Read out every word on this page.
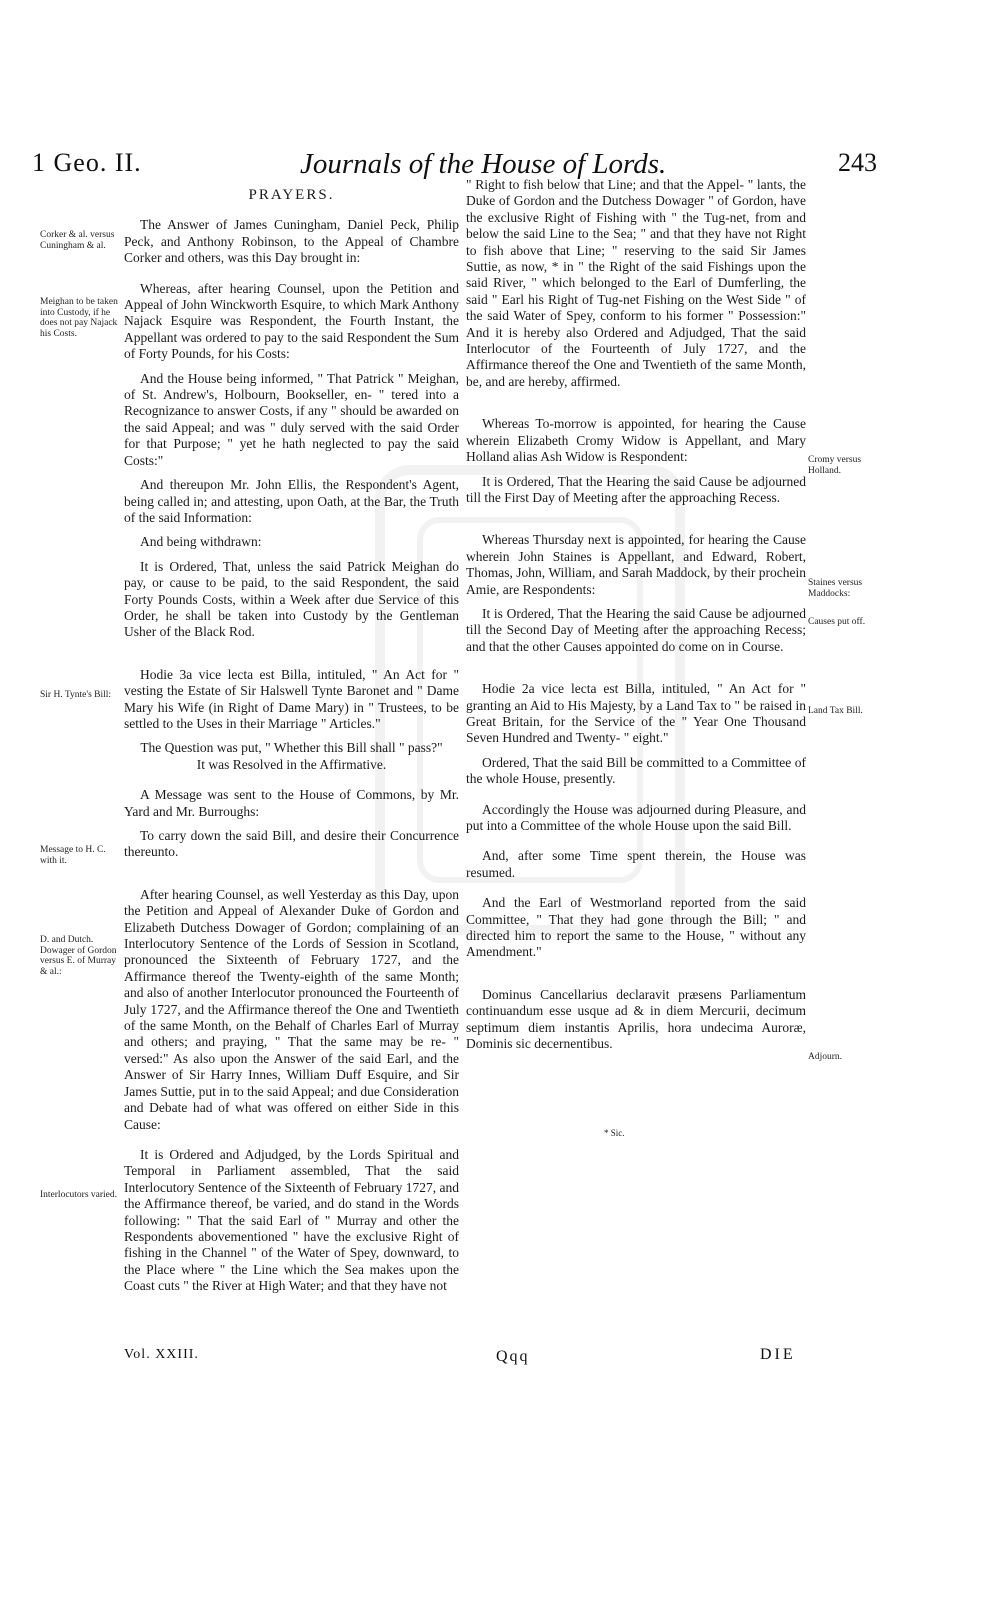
1 Geo. II.	Journals of the House of Lords.	243
PRAYERS.

The Answer of James Cuningham, Daniel Peck, Philip Peck, and Anthony Robinson, to the Appeal of Chambre Corker and others, was this Day brought in:

Whereas, after hearing Counsel, upon the Petition and Appeal of John Winckworth Esquire, to which Mark Anthony Najack Esquire was Respondent, the Fourth Instant, the Appellant was ordered to pay to the said Respondent the Sum of Forty Pounds, for his Costs:

And the House being informed, " That Patrick " Meighan, of St. Andrew's, Holbourn, Bookseller, en- " tered into a Recognizance to answer Costs, if any " should be awarded on the said Appeal; and was " duly served with the said Order for that Purpose; " yet he hath neglected to pay the said Costs:"

And thereupon Mr. John Ellis, the Respondent's Agent, being called in; and attesting, upon Oath, at the Bar, the Truth of the said Information:

And being withdrawn:

It is Ordered, That, unless the said Patrick Meighan do pay, or cause to be paid, to the said Respondent, the said Forty Pounds Costs, within a Week after due Service of this Order, he shall be taken into Custody by the Gentleman Usher of the Black Rod.

Hodie 3a vice lecta est Billa, intituled, " An Act for " vesting the Estate of Sir Halswell Tynte Baronet and " Dame Mary his Wife (in Right of Dame Mary) in " Trustees, to be settled to the Uses in their Marriage " Articles."

The Question was put, " Whether this Bill shall " pass?"

It was Resolved in the Affirmative.

A Message was sent to the House of Commons, by Mr. Yard and Mr. Burroughs:

To carry down the said Bill, and desire their Concurrence thereunto.

After hearing Counsel, as well Yesterday as this Day, upon the Petition and Appeal of Alexander Duke of Gordon and Elizabeth Dutchess Dowager of Gordon; complaining of an Interlocutory Sentence of the Lords of Session in Scotland, pronounced the Sixteenth of February 1727, and the Affirmance thereof the Twenty-eighth of the same Month; and also of another Interlocutor pronounced the Fourteenth of July 1727, and the Affirmance thereof the One and Twentieth of the same Month, on the Behalf of Charles Earl of Murray and others; and praying, " That the same may be re- " versed:" As also upon the Answer of the said Earl, and the Answer of Sir Harry Innes, William Duff Esquire, and Sir James Suttie, put in to the said Appeal; and due Consideration and Debate had of what was offered on either Side in this Cause:

It is Ordered and Adjudged, by the Lords Spiritual and Temporal in Parliament assembled, That the said Interlocutory Sentence of the Sixteenth of February 1727, and the Affirmance thereof, be varied, and do stand in the Words following: " That the said Earl of " Murray and other the Respondents abovementioned " have the exclusive Right of fishing in the Channel " of the Water of Spey, downward, to the Place where " the Line which the Sea makes upon the Coast cuts " the River at High Water; and that they have not

" Right to fish below that Line; and that the Appel- " lants, the Duke of Gordon and the Dutchess Dowager " of Gordon, have the exclusive Right of Fishing with " the Tug-net, from and below the said Line to the Sea; " and that they have not Right to fish above that Line; " reserving to the said Sir James Suttie, as now, * in " the Right of the said Fishings upon the said River, " which belonged to the Earl of Dumferling, the said " Earl his Right of Tug-net Fishing on the West Side " of the said Water of Spey, conform to his former " Possession:" And it is hereby also Ordered and Adjudged, That the said Interlocutor of the Fourteenth of July 1727, and the Affirmance thereof the One and Twentieth of the same Month, be, and are hereby, affirmed.

Whereas To-morrow is appointed, for hearing the Cause wherein Elizabeth Cromy Widow is Appellant, and Mary Holland alias Ash Widow is Respondent:

It is Ordered, That the Hearing the said Cause be adjourned till the First Day of Meeting after the approaching Recess.

Whereas Thursday next is appointed, for hearing the Cause wherein John Staines is Appellant, and Edward, Robert, Thomas, John, William, and Sarah Maddock, by their prochein Amie, are Respondents:

It is Ordered, That the Hearing the said Cause be adjourned till the Second Day of Meeting after the approaching Recess; and that the other Causes appointed do come on in Course.

Hodie 2a vice lecta est Billa, intituled, " An Act for " granting an Aid to His Majesty, by a Land Tax to " be raised in Great Britain, for the Service of the " Year One Thousand Seven Hundred and Twenty- " eight."

Ordered, That the said Bill be committed to a Committee of the whole House, presently.

Accordingly the House was adjourned during Pleasure, and put into a Committee of the whole House upon the said Bill.

And, after some Time spent therein, the House was resumed.

And the Earl of Westmorland reported from the said Committee, " That they had gone through the Bill; " and directed him to report the same to the House, " without any Amendment."

Dominus Cancellarius declaravit præsens Parliamentum continuandum esse usque ad & in diem Mercurii, decimum septimum diem instantis Aprilis, hora undecima Auroræ, Dominis sic decernentibus.

Corker & al. versus Cuningham & al.
Meighan to be taken into Custody, if he does not pay Najack his Costs.
Sir H. Tynte's Bill:
Message to H. C. with it.
D. and Dutch. Dowager of Gordon versus E. of Murray & al.:
Interlocutors varied.
Cromy versus Holland.
Staines versus Maddocks:
Causes put off.
Land Tax Bill.
Adjourn.
* Sic.
Vol. XXIII.	Qqq	DIE
